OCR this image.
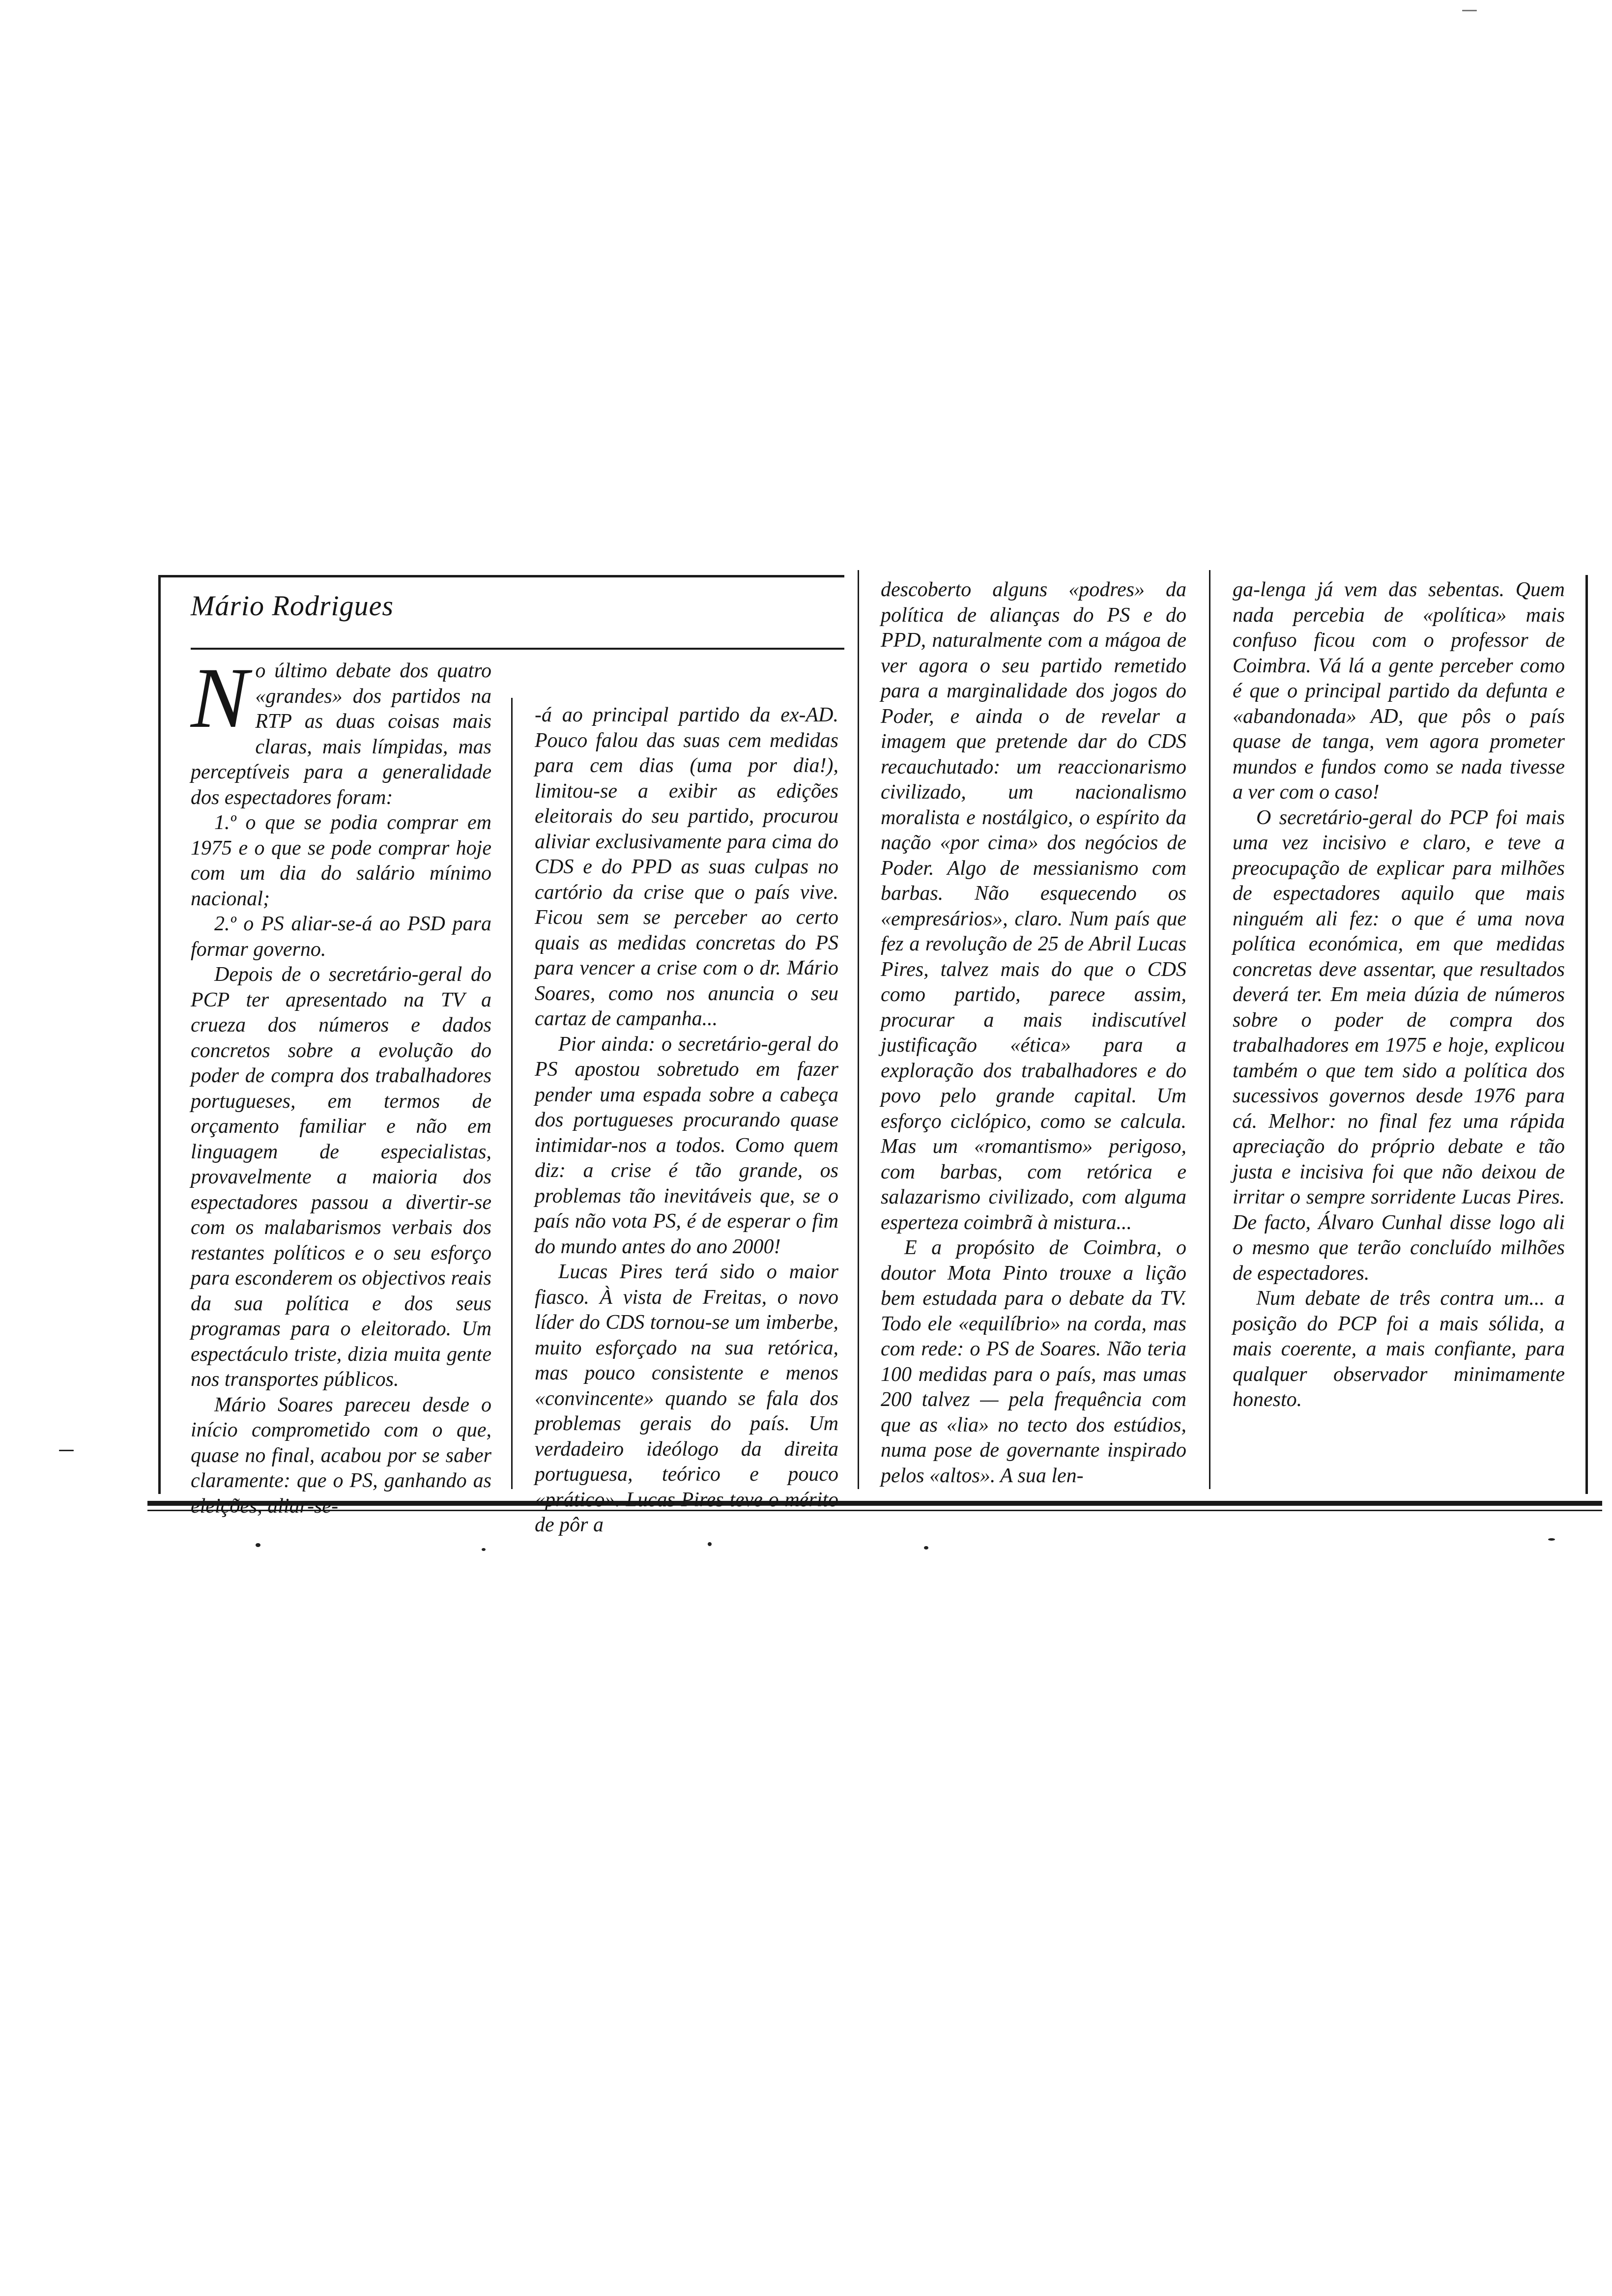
Mário Rodrigues
N o último debate dos quatro «grandes» dos partidos na RTP as duas coisas mais claras, mais límpidas, mas perceptíveis para a generalidade dos espectadores foram:

1.º o que se podia comprar em 1975 e o que se pode comprar hoje com um dia do salário mínimo nacional;

2.º o PS aliar-se-á ao PSD para formar governo.

Depois de o secretário-geral do PCP ter apresentado na TV a crueza dos números e dados concretos sobre a evolução do poder de compra dos trabalhadores portugueses, em termos de orçamento familiar e não em linguagem de especialistas, provavelmente a maioria dos espectadores passou a divertir-se com os malabarismos verbais dos restantes políticos e o seu esforço para esconderem os objectivos reais da sua política e dos seus programas para o eleitorado. Um espectáculo triste, dizia muita gente nos transportes públicos.

Mário Soares pareceu desde o início comprometido com o que, quase no final, acabou por se saber claramente: que o PS, ganhando as eleições, aliar-se-

-á ao principal partido da ex-AD. Pouco falou das suas cem medidas para cem dias (uma por dia!), limitou-se a exibir as edições eleitorais do seu partido, procurou aliviar exclusivamente para cima do CDS e do PPD as suas culpas no cartório da crise que o país vive. Ficou sem se perceber ao certo quais as medidas concretas do PS para vencer a crise com o dr. Mário Soares, como nos anuncia o seu cartaz de campanha...

Pior ainda: o secretário-geral do PS apostou sobretudo em fazer pender uma espada sobre a cabeça dos portugueses procurando quase intimidar-nos a todos. Como quem diz: a crise é tão grande, os problemas tão inevitáveis que, se o país não vota PS, é de esperar o fim do mundo antes do ano 2000!

Lucas Pires terá sido o maior fiasco. À vista de Freitas, o novo líder do CDS tornou-se um imberbe, muito esforçado na sua retórica, mas pouco consistente e menos «convincente» quando se fala dos problemas gerais do país. Um verdadeiro ideólogo da direita portuguesa, teórico e pouco «prático». Lucas Pires teve o mérito de pôr a

descoberto alguns «podres» da política de alianças do PS e do PPD, naturalmente com a mágoa de ver agora o seu partido remetido para a marginalidade dos jogos do Poder, e ainda o de revelar a imagem que pretende dar do CDS recauchutado: um reaccionarismo civilizado, um nacionalismo moralista e nostálgico, o espírito da nação «por cima» dos negócios de Poder. Algo de messianismo com barbas. Não esquecendo os «empresários», claro. Num país que fez a revolução de 25 de Abril Lucas Pires, talvez mais do que o CDS como partido, parece assim, procurar a mais indiscutível justificação «ética» para a exploração dos trabalhadores e do povo pelo grande capital. Um esforço ciclópico, como se calcula. Mas um «romantismo» perigoso, com barbas, com retórica e salazarismo civilizado, com alguma esperteza coimbrã à mistura...

E a propósito de Coimbra, o doutor Mota Pinto trouxe a lição bem estudada para o debate da TV. Todo ele «equilíbrio» na corda, mas com rede: o PS de Soares. Não teria 100 medidas para o país, mas umas 200 talvez — pela frequência com que as «lia» no tecto dos estúdios, numa pose de governante inspirado pelos «altos». A sua len-

ga-lenga já vem das sebentas. Quem nada percebia de «política» mais confuso ficou com o professor de Coimbra. Vá lá a gente perceber como é que o principal partido da defunta e «abandonada» AD, que pôs o país quase de tanga, vem agora prometer mundos e fundos como se nada tivesse a ver com o caso!

O secretário-geral do PCP foi mais uma vez incisivo e claro, e teve a preocupação de explicar para milhões de espectadores aquilo que mais ninguém ali fez: o que é uma nova política económica, em que medidas concretas deve assentar, que resultados deverá ter. Em meia dúzia de números sobre o poder de compra dos trabalhadores em 1975 e hoje, explicou também o que tem sido a política dos sucessivos governos desde 1976 para cá. Melhor: no final fez uma rápida apreciação do próprio debate e tão justa e incisiva foi que não deixou de irritar o sempre sorridente Lucas Pires. De facto, Álvaro Cunhal disse logo ali o mesmo que terão concluído milhões de espectadores.

Num debate de três contra um... a posição do PCP foi a mais sólida, a mais coerente, a mais confiante, para qualquer observador minimamente honesto.
